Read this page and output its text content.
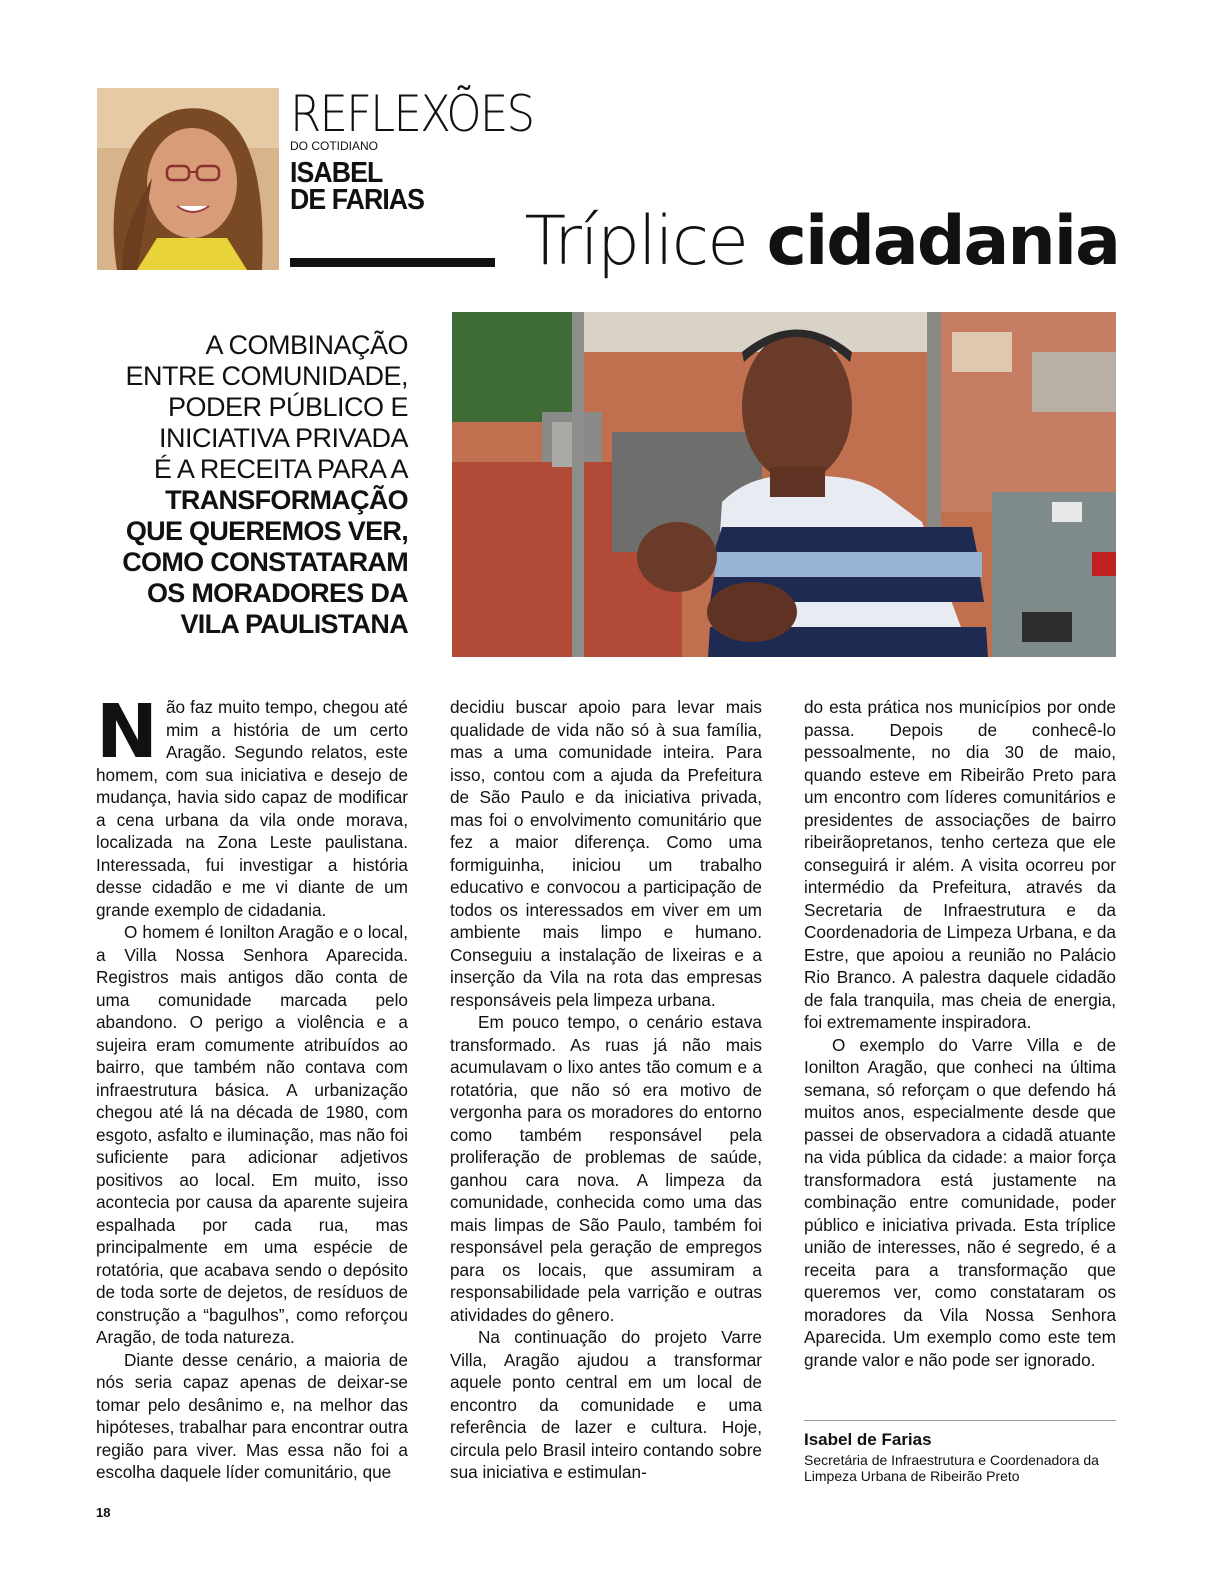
REFLEXÕES
DO COTIDIANO
ISABEL
DE FARIAS
Tríplice cidadania
A COMBINAÇÃO
ENTRE COMUNIDADE,
PODER PÚBLICO E
INICIATIVA PRIVADA
É A RECEITA PARA A
TRANSFORMAÇÃO
QUE QUEREMOS VER,
COMO CONSTATARAM
OS MORADORES DA
VILA PAULISTANA

Não faz muito tempo, chegou até mim a história de um certo Aragão. Segundo relatos, este homem, com sua iniciativa e desejo de mudança, havia sido capaz de modificar a cena urbana da vila onde morava, localizada na Zona Leste paulistana. Interessada, fui investigar a história desse cidadão e me vi diante de um grande exemplo de cidadania.

O homem é Ionilton Aragão e o local, a Villa Nossa Senhora Aparecida. Registros mais antigos dão conta de uma comunidade marcada pelo abandono. O perigo a violência e a sujeira eram comumente atribuídos ao bairro, que também não contava com infraestrutura básica. A urbanização chegou até lá na década de 1980, com esgoto, asfalto e iluminação, mas não foi suficiente para adicionar adjetivos positivos ao local. Em muito, isso acontecia por causa da aparente sujeira espalhada por cada rua, mas principalmente em uma espécie de rotatória, que acabava sendo o depósito de toda sorte de dejetos, de resíduos de construção a “bagulhos”, como reforçou Aragão, de toda natureza.

Diante desse cenário, a maioria de nós seria capaz apenas de deixar-se tomar pelo desânimo e, na melhor das hipóteses, trabalhar para encontrar outra região para viver. Mas essa não foi a escolha daquele líder comunitário, que

decidiu buscar apoio para levar mais qualidade de vida não só à sua família, mas a uma comunidade inteira. Para isso, contou com a ajuda da Prefeitura de São Paulo e da iniciativa privada, mas foi o envolvimento comunitário que fez a maior diferença. Como uma formiguinha, iniciou um trabalho educativo e convocou a participação de todos os interessados em viver em um ambiente mais limpo e humano. Conseguiu a instalação de lixeiras e a inserção da Vila na rota das empresas responsáveis pela limpeza urbana.

Em pouco tempo, o cenário estava transformado. As ruas já não mais acumulavam o lixo antes tão comum e a rotatória, que não só era motivo de vergonha para os moradores do entorno como também responsável pela proliferação de problemas de saúde, ganhou cara nova. A limpeza da comunidade, conhecida como uma das mais limpas de São Paulo, também foi responsável pela geração de empregos para os locais, que assumiram a responsabilidade pela varrição e outras atividades do gênero.

Na continuação do projeto Varre Villa, Aragão ajudou a transformar aquele ponto central em um local de encontro da comunidade e uma referência de lazer e cultura. Hoje, circula pelo Brasil inteiro contando sobre sua iniciativa e estimulan-

do esta prática nos municípios por onde passa. Depois de conhecê-lo pessoalmente, no dia 30 de maio, quando esteve em Ribeirão Preto para um encontro com líderes comunitários e presidentes de associações de bairro ribeirãopretanos, tenho certeza que ele conseguirá ir além. A visita ocorreu por intermédio da Prefeitura, através da Secretaria de Infraestrutura e da Coordenadoria de Limpeza Urbana, e da Estre, que apoiou a reunião no Palácio Rio Branco. A palestra daquele cidadão de fala tranquila, mas cheia de energia, foi extremamente inspiradora.

O exemplo do Varre Villa e de Ionilton Aragão, que conheci na última semana, só reforçam o que defendo há muitos anos, especialmente desde que passei de observadora a cidadã atuante na vida pública da cidade: a maior força transformadora está justamente na combinação entre comunidade, poder público e iniciativa privada. Esta tríplice união de interesses, não é segredo, é a receita para a transformação que queremos ver, como constataram os moradores da Vila Nossa Senhora Aparecida. Um exemplo como este tem grande valor e não pode ser ignorado.

Isabel de Farias
Secretária de Infraestrutura e Coordenadora da Limpeza Urbana de Ribeirão Preto
18
